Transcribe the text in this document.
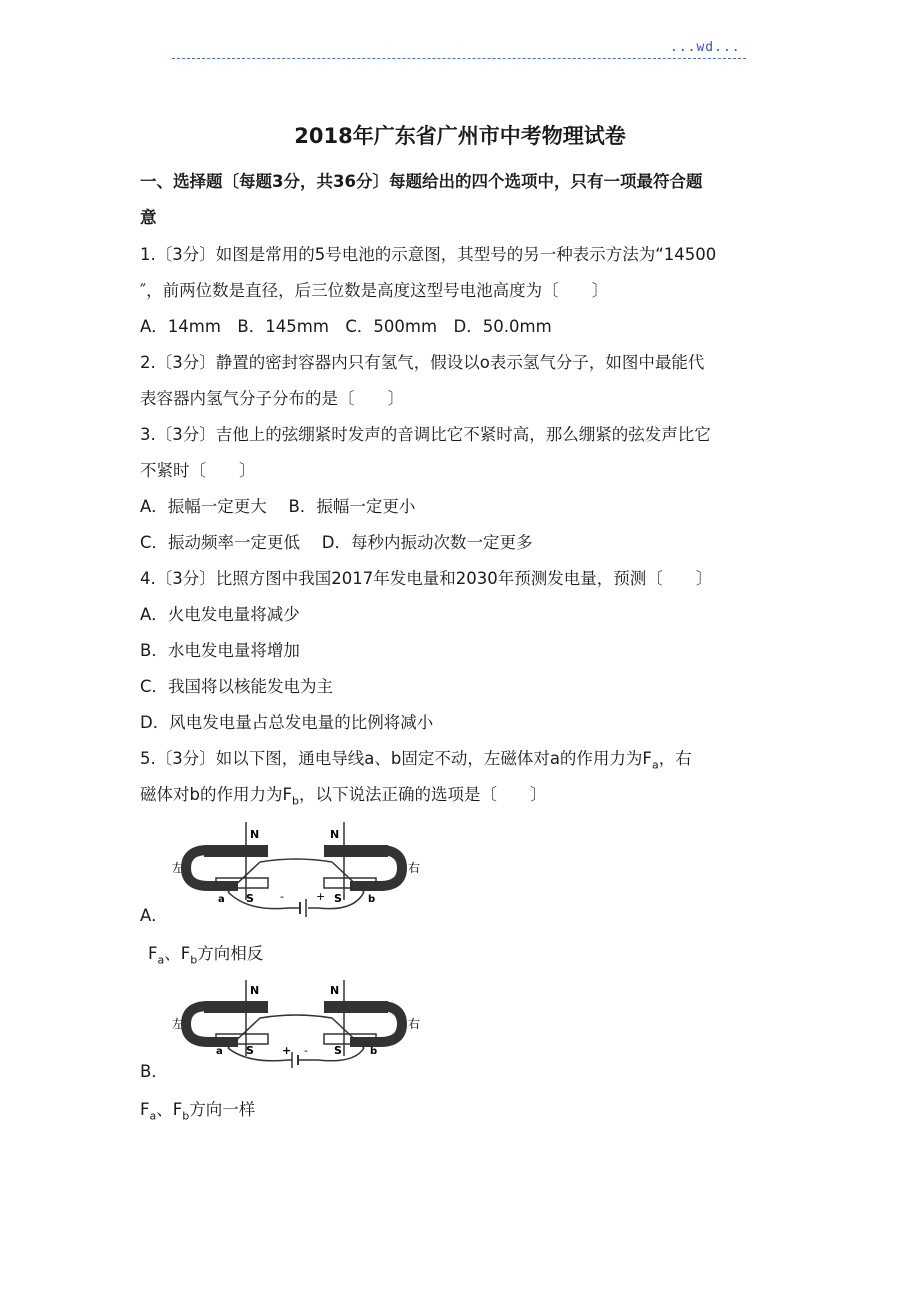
...wd...
2018年广东省广州市中考物理试卷
一、选择题〔每题3分，共36分〕每题给出的四个选项中，只有一项最符合题
意
1.〔3分〕如图是常用的5号电池的示意图，其型号的另一种表示方法为“14500
″，前两位数是直径，后三位数是高度这型号电池高度为〔　　〕
A．14mm　B．145mm　C．500mm　D．50.0mm
2.〔3分〕静置的密封容器内只有氢气，假设以o表示氢气分子，如图中最能代
表容器内氢气分子分布的是〔　　〕
3.〔3分〕吉他上的弦绷紧时发声的音调比它不紧时高，那么绷紧的弦发声比它
不紧时〔　　〕
A．振幅一定更大　 B．振幅一定更小
C．振动频率一定更低　 D．每秒内振动次数一定更多
4.〔3分〕比照方图中我国2017年发电量和2030年预测发电量，预测〔　　〕
A．火电发电量将减少
B．水电发电量将增加
C．我国将以核能发电为主
D．风电发电量占总发电量的比例将减小
5.〔3分〕如以下图，通电导线a、b固定不动，左磁体对a的作用力为$F_a$，右
磁体对b的作用力为$F_b$，以下说法正确的选项是〔　　〕
左
N	N
a S	S	b
-	+
右
A．
$F_a$、$F_b$方向相反
左
N	N
a S	S	b
+ -
右
B．
$F_a$、$F_b$方向一样
